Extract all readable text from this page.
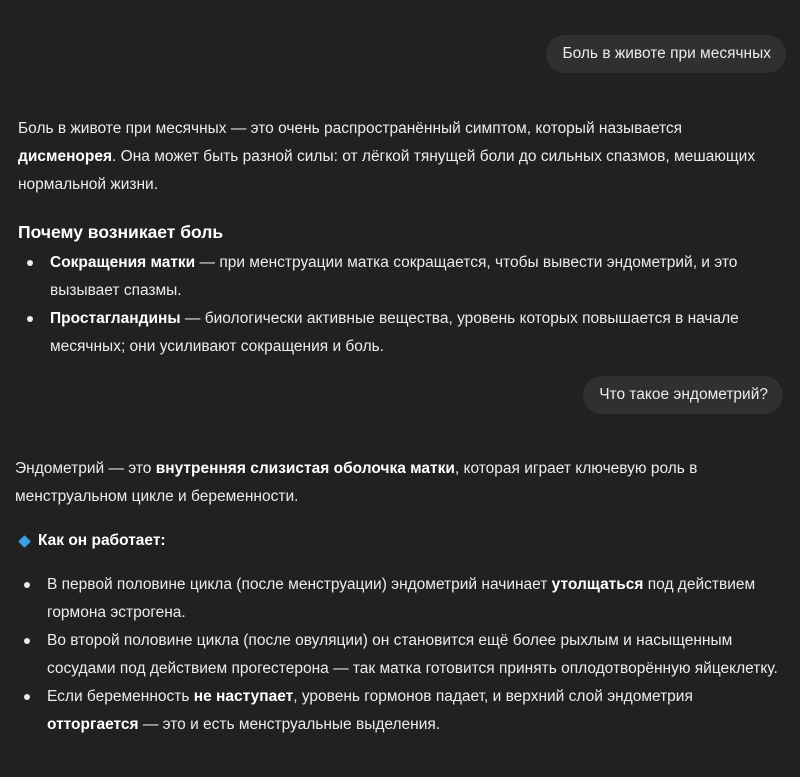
Боль в животе при месячных

Боль в животе при месячных — это очень распространённый симптом, который называется дисменорея. Она может быть разной силы: от лёгкой тянущей боли до сильных спазмов, мешающих нормальной жизни.

Почему возникает боль

Сокращения матки — при менструации матка сокращается, чтобы вывести эндометрий, и это вызывает спазмы.
Простагландины — биологически активные вещества, уровень которых повышается в начале месячных; они усиливают сокращения и боль.
Что такое эндометрий?

Эндометрий — это внутренняя слизистая оболочка матки, которая играет ключевую роль в менструальном цикле и беременности.

Как он работает:
В первой половине цикла (после менструации) эндометрий начинает утолщаться под действием гормона эстрогена.
Во второй половине цикла (после овуляции) он становится ещё более рыхлым и насыщенным сосудами под действием прогестерона — так матка готовится принять оплодотворённую яйцеклетку.
Если беременность не наступает, уровень гормонов падает, и верхний слой эндометрия отторгается — это и есть менструальные выделения.
